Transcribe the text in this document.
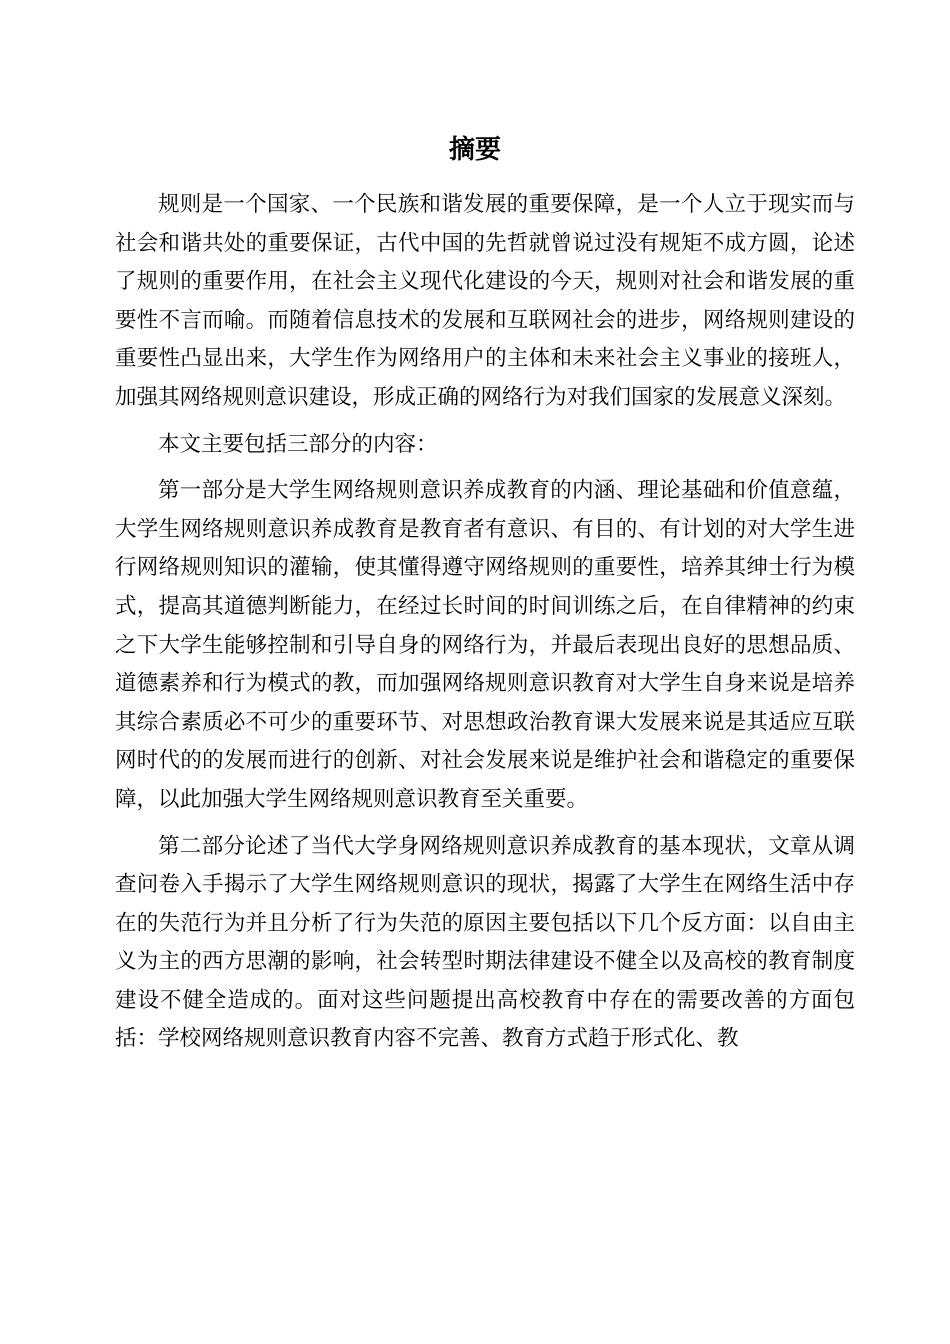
摘要

规则是一个国家、一个民族和谐发展的重要保障，是一个人立于现实而与社会和谐共处的重要保证，古代中国的先哲就曾说过没有规矩不成方圆，论述了规则的重要作用，在社会主义现代化建设的今天，规则对社会和谐发展的重要性不言而喻。而随着信息技术的发展和互联网社会的进步，网络规则建设的重要性凸显出来，大学生作为网络用户的主体和未来社会主义事业的接班人，加强其网络规则意识建设，形成正确的网络行为对我们国家的发展意义深刻。

本文主要包括三部分的内容：

第一部分是大学生网络规则意识养成教育的内涵、理论基础和价值意蕴，大学生网络规则意识养成教育是教育者有意识、有目的、有计划的对大学生进行网络规则知识的灌输，使其懂得遵守网络规则的重要性，培养其绅士行为模式，提高其道德判断能力，在经过长时间的时间训练之后，在自律精神的约束之下大学生能够控制和引导自身的网络行为，并最后表现出良好的思想品质、道德素养和行为模式的教，而加强网络规则意识教育对大学生自身来说是培养其综合素质必不可少的重要环节、对思想政治教育课大发展来说是其适应互联网时代的的发展而进行的创新、对社会发展来说是维护社会和谐稳定的重要保障，以此加强大学生网络规则意识教育至关重要。

第二部分论述了当代大学身网络规则意识养成教育的基本现状，文章从调查问卷入手揭示了大学生网络规则意识的现状，揭露了大学生在网络生活中存在的失范行为并且分析了行为失范的原因主要包括以下几个反方面：以自由主义为主的西方思潮的影响，社会转型时期法律建设不健全以及高校的教育制度建设不健全造成的。面对这些问题提出高校教育中存在的需要改善的方面包括：学校网络规则意识教育内容不完善、教育方式趋于形式化、教
